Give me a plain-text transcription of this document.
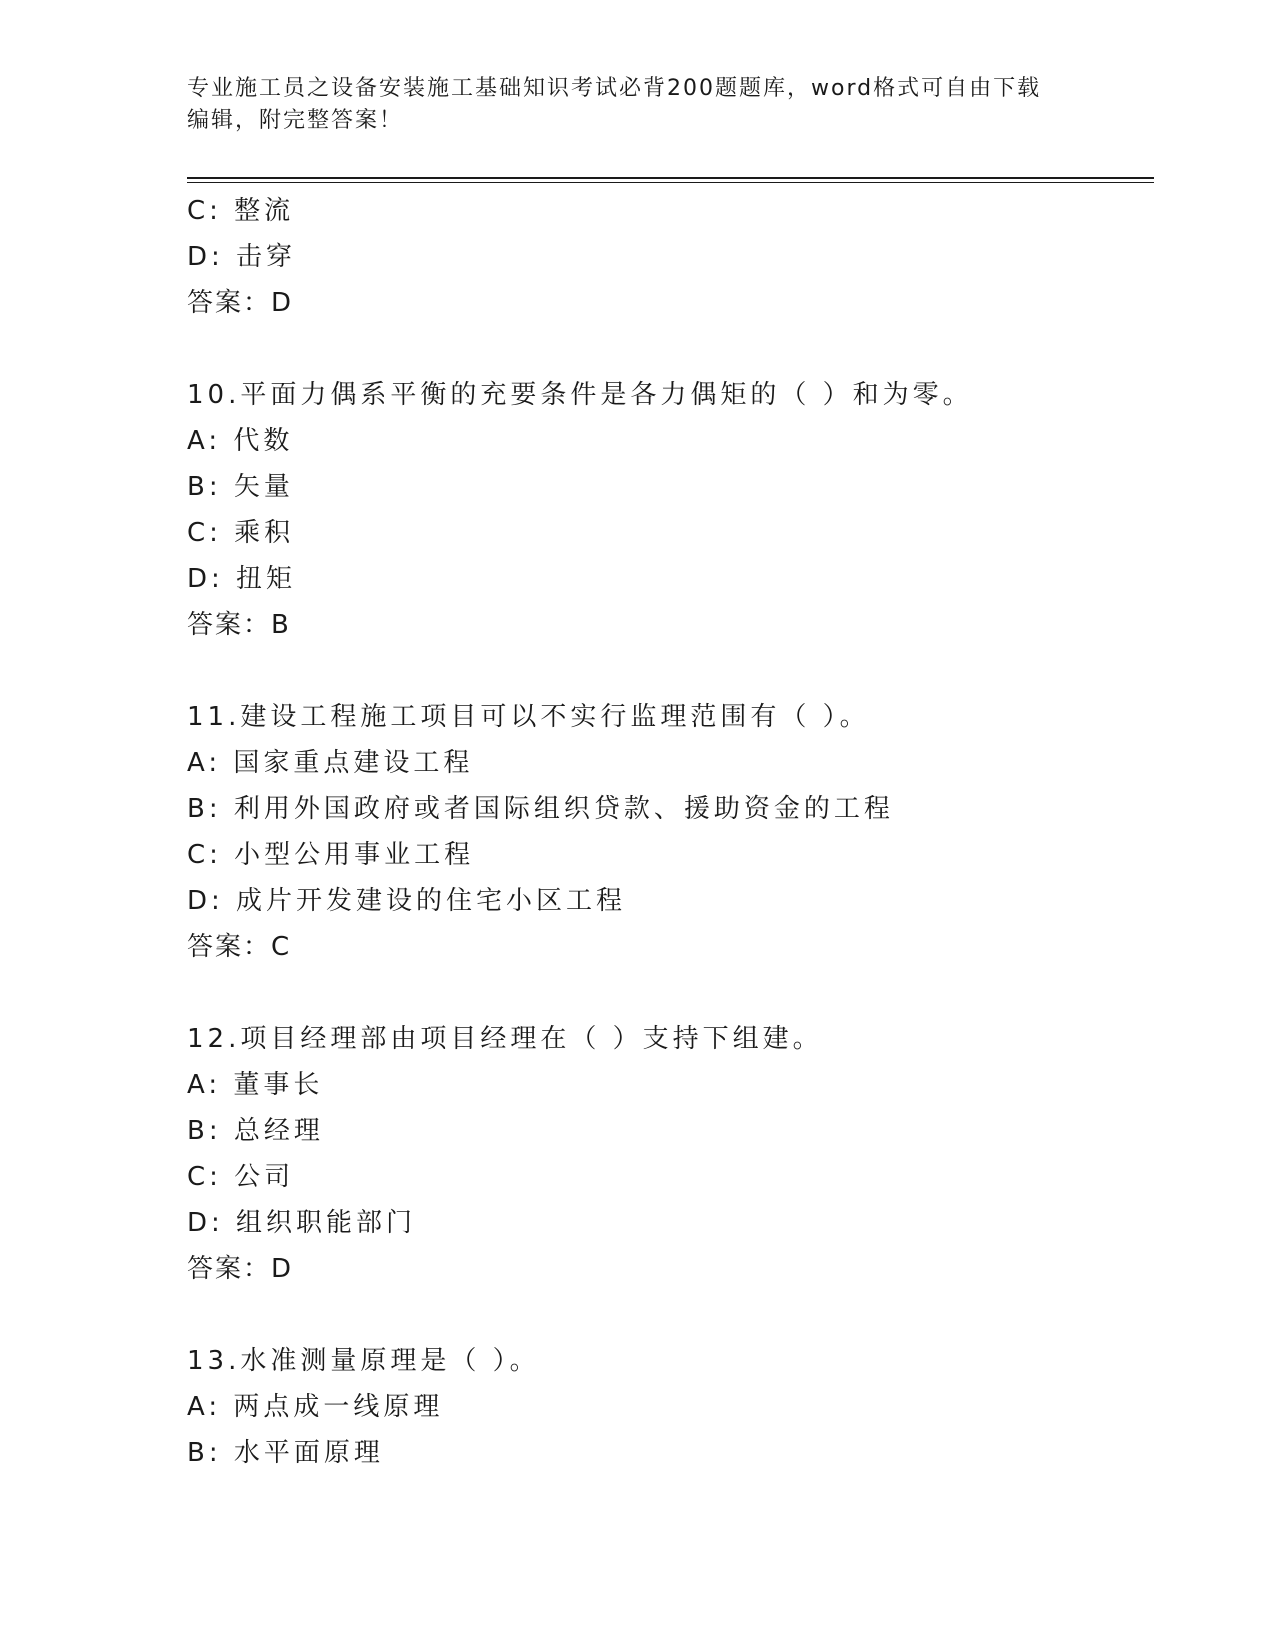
专业施工员之设备安装施工基础知识考试必背200题题库，word格式可自由下载
编辑，附完整答案！
C: 整流
D: 击穿
答案：D
10.平面力偶系平衡的充要条件是各力偶矩的（ ）和为零。
A: 代数
B: 矢量
C: 乘积
D: 扭矩
答案：B
11.建设工程施工项目可以不实行监理范围有（ ）。
A: 国家重点建设工程
B: 利用外国政府或者国际组织贷款、援助资金的工程
C: 小型公用事业工程
D: 成片开发建设的住宅小区工程
答案：C
12.项目经理部由项目经理在（ ）支持下组建。
A: 董事长
B: 总经理
C: 公司
D: 组织职能部门
答案：D
13.水准测量原理是（ ）。
A: 两点成一线原理
B: 水平面原理
